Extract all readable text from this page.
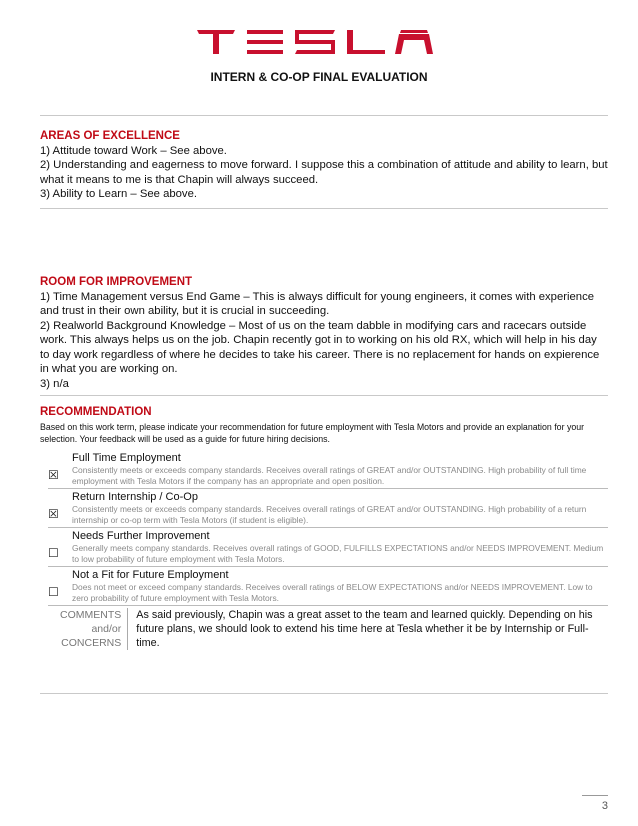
INTERN & CO-OP FINAL EVALUATION
AREAS OF EXCELLENCE
1) Attitude toward Work – See above.
2) Understanding and eagerness to move forward. I suppose this a combination of attitude and ability to learn, but what it means to me is that Chapin will always succeed.
3) Ability to Learn – See above.
ROOM FOR IMPROVEMENT
1) Time Management versus End Game – This is always difficult for young engineers, it comes with experience and trust in their own ability, but it is crucial in succeeding.
2) Realworld Background Knowledge – Most of us on the team dabble in modifying cars and racecars outside work. This always helps us on the job. Chapin recently got in to working on his old RX, which will help in his day to day work regardless of where he decides to take his career. There is no replacement for hands on expierence in what you are working on.
3) n/a
RECOMMENDATION
Based on this work term, please indicate your recommendation for future employment with Tesla Motors and provide an explanation for your selection. Your feedback will be used as a guide for future hiring decisions.
☒
Full Time Employment
Consistently meets or exceeds company standards. Receives overall ratings of GREAT and/or OUTSTANDING. High probability of full time employment with Tesla Motors if the company has an appropriate and open position.
☒
Return Internship / Co-Op
Consistently meets or exceeds company standards. Receives overall ratings of GREAT and/or OUTSTANDING. High probability of a return internship or co-op term with Tesla Motors (if student is eligible).
☐
Needs Further Improvement
Generally meets company standards. Receives overall ratings of GOOD, FULFILLS EXPECTATIONS and/or NEEDS IMPROVEMENT. Medium to low probability of future employment with Tesla Motors.
☐
Not a Fit for Future Employment
Does not meet or exceed company standards. Receives overall ratings of BELOW EXPECTATIONS and/or NEEDS IMPROVEMENT. Low to zero probability of future employment with Tesla Motors.
COMMENTS
and/or
CONCERNS
As said previously, Chapin was a great asset to the team and learned quickly. Depending on his future plans, we should look to extend his time here at Tesla whether it be by Internship or Full-time.
3
